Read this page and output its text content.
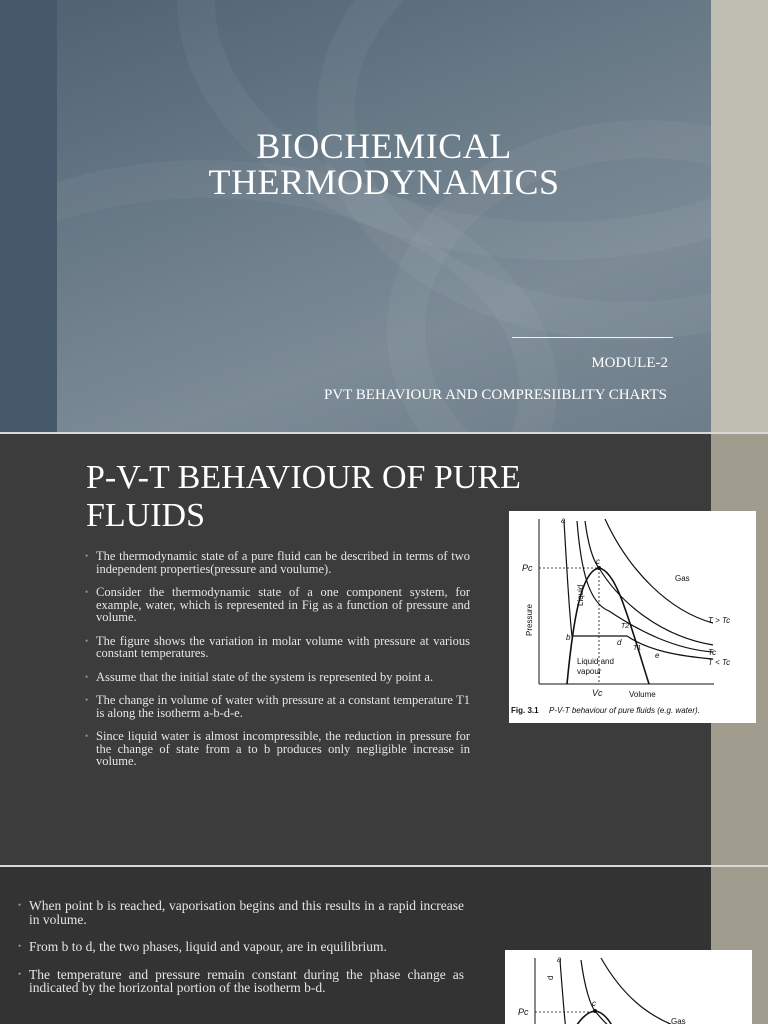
BIOCHEMICAL
THERMODYNAMICS
MODULE-2
PVT BEHAVIOUR AND COMPRESIIBLITY CHARTS
P-V-T BEHAVIOUR OF PURE
FLUIDS
• The thermodynamic state of a pure fluid can be described in terms of two independent properties(pressure and voulume).
• Consider the thermodynamic state of a one component system, for example, water, which is represented in Fig as a function of pressure and volume.
• The figure shows the variation in molar volume with pressure at various constant temperatures.
• Assume that the initial state of the system is represented by point a.
• The change in volume of water with pressure at a constant temperature T1 is along the isotherm a-b-d-e.
• Since liquid water is almost incompressible, the reduction in pressure for the change of state from a to b produces only negligible increase in volume.
a
b
c
d
e
Pc
Vc
Pressure
Volume
Liquid
Liquid and
vapour
Gas
T2
T1
T > Tc
Tc
T < Tc
Fig. 3.1 P-V-T behaviour of pure fluids (e.g. water).
• When point b is reached, vaporisation begins and this results in a rapid increase in volume.
• From b to d, the two phases, liquid and vapour, are in equilibrium.
• The temperature and pressure remain constant during the phase change as indicated by the horizontal portion of the isotherm b-d.
a
c
Pc
Gas
d
